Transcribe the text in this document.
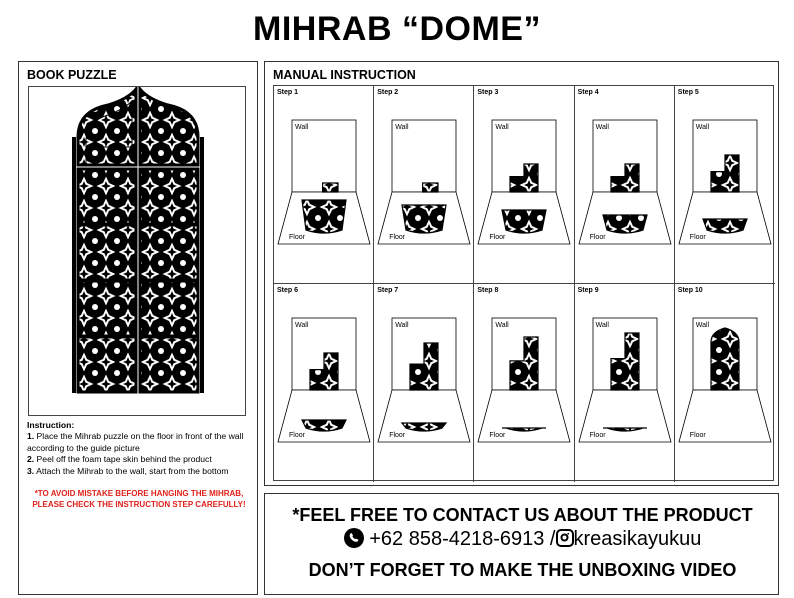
MIHRAB “DOME”
BOOK PUZZLE
Instruction:
1. Place the Mihrab puzzle on the floor in front of the wall according to the guide picture
2. Peel off the foam tape skin behind the product
3. Attach the Mihrab to the wall, start from the bottom
*TO AVOID MISTAKE BEFORE HANGING THE MIHRAB, PLEASE CHECK THE INSTRUCTION STEP CAREFULLY!
MANUAL INSTRUCTION
Step 1
Wall
Floor
Step 2
Wall
Floor
Step 3
Wall
Floor
Step 4
Wall
Floor
Step 5
Wall
Floor
Step 6
Wall
Floor
Step 7
Wall
Floor
Step 8
Wall
Floor
Step 9
Wall
Floor
Step 10
Wall
Floor
*FEEL FREE TO CONTACT US ABOUT THE PRODUCT
+62 858-4218-6913 / kreasikayukuu
DON’T FORGET TO MAKE THE UNBOXING VIDEO
